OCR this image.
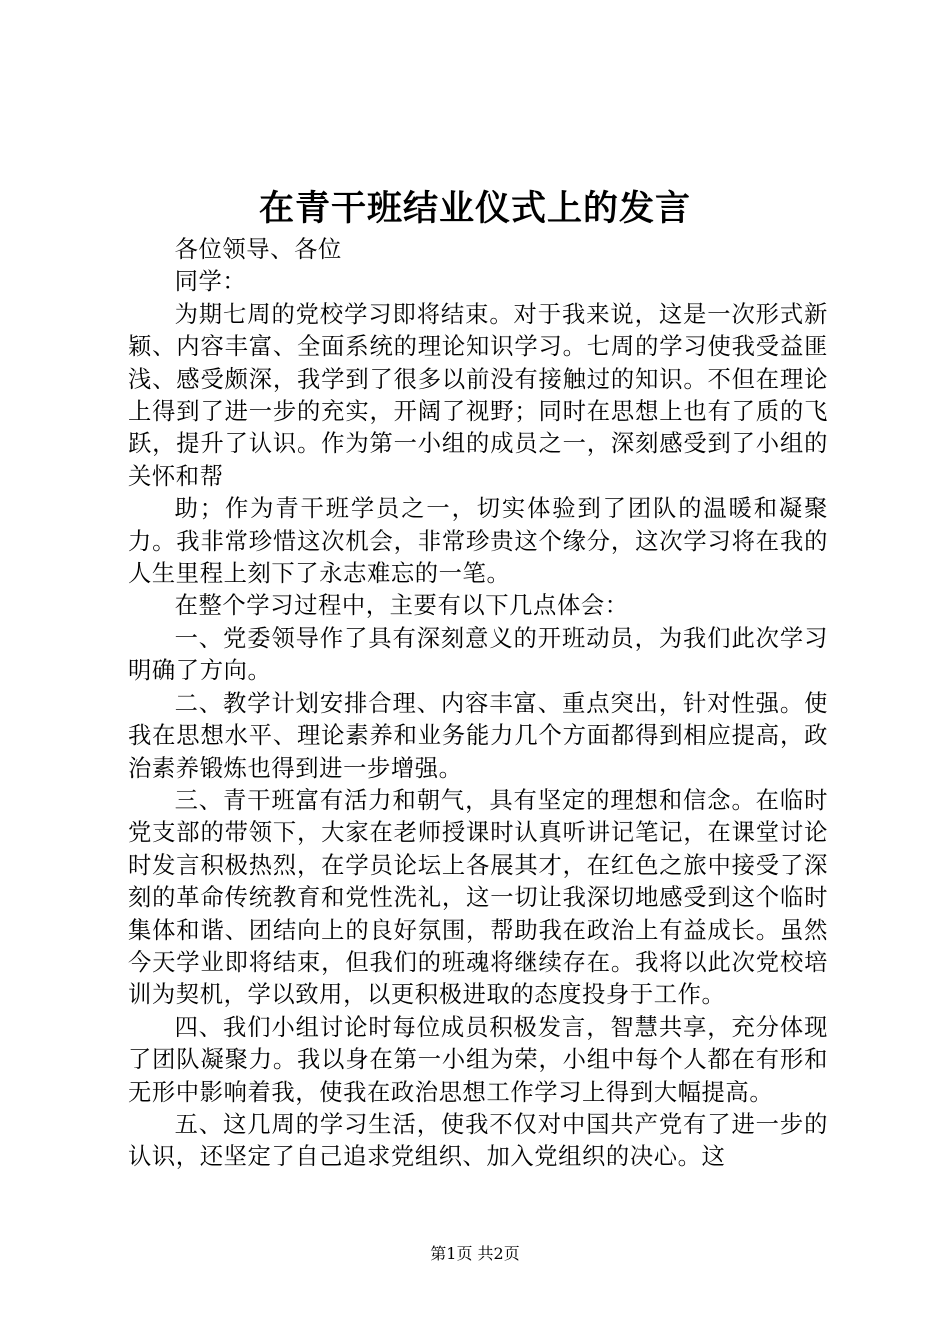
在青干班结业仪式上的发言

各位领导、各位

同学：

为期七周的党校学习即将结束。对于我来说，这是一次形式新颖、内容丰富、全面系统的理论知识学习。七周的学习使我受益匪浅、感受颇深，我学到了很多以前没有接触过的知识。不但在理论上得到了进一步的充实，开阔了视野；同时在思想上也有了质的飞跃，提升了认识。作为第一小组的成员之一，深刻感受到了小组的关怀和帮

助；作为青干班学员之一，切实体验到了团队的温暖和凝聚力。我非常珍惜这次机会，非常珍贵这个缘分，这次学习将在我的人生里程上刻下了永志难忘的一笔。

在整个学习过程中，主要有以下几点体会：

一、党委领导作了具有深刻意义的开班动员，为我们此次学习明确了方向。

二、教学计划安排合理、内容丰富、重点突出，针对性强。使我在思想水平、理论素养和业务能力几个方面都得到相应提高，政治素养锻炼也得到进一步增强。

三、青干班富有活力和朝气，具有坚定的理想和信念。在临时党支部的带领下，大家在老师授课时认真听讲记笔记，在课堂讨论时发言积极热烈，在学员论坛上各展其才，在红色之旅中接受了深刻的革命传统教育和党性洗礼，这一切让我深切地感受到这个临时集体和谐、团结向上的良好氛围，帮助我在政治上有益成长。虽然今天学业即将结束，但我们的班魂将继续存在。我将以此次党校培训为契机，学以致用，以更积极进取的态度投身于工作。

四、我们小组讨论时每位成员积极发言，智慧共享，充分体现了团队凝聚力。我以身在第一小组为荣，小组中每个人都在有形和无形中影响着我，使我在政治思想工作学习上得到大幅提高。

五、这几周的学习生活，使我不仅对中国共产党有了进一步的认识，还坚定了自己追求党组织、加入党组织的决心。这

第1页 共2页
